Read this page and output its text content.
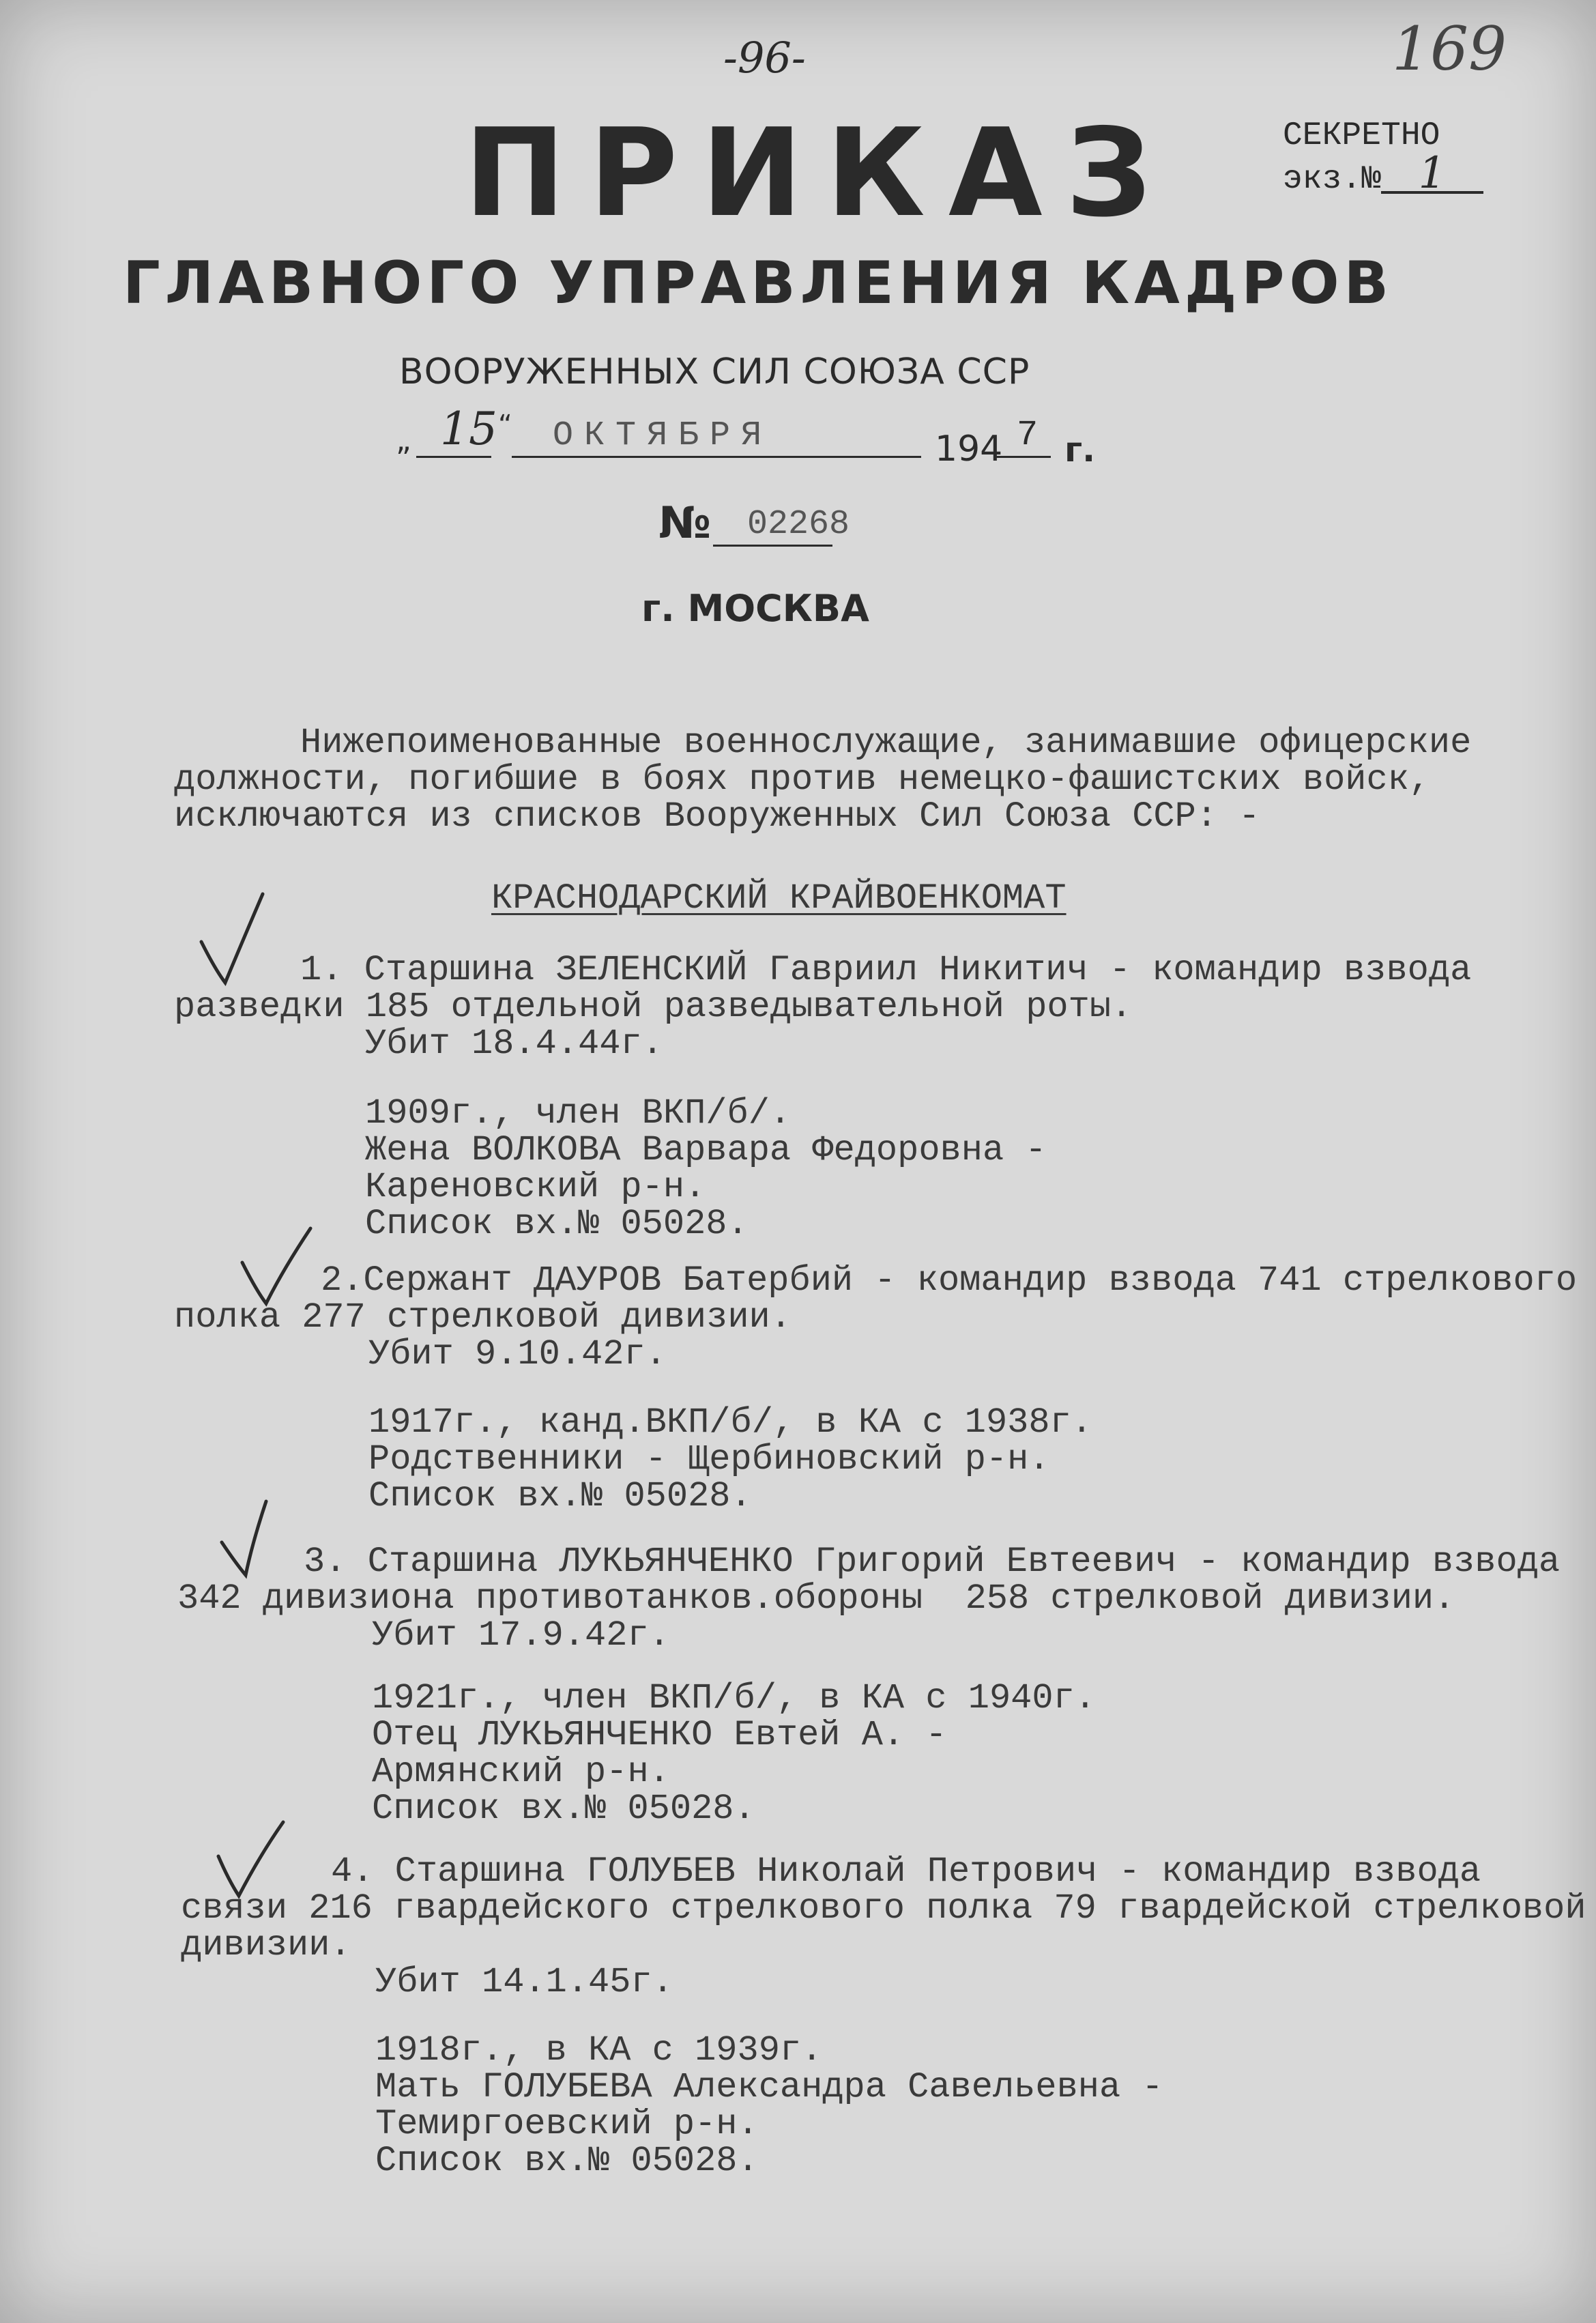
169
-96-
ПРИКАЗ	СЕКРЕТНО
экз.№ 1
ГЛАВНОГО УПРАВЛЕНИЯ КАДРОВ
ВООРУЖЕННЫХ СИЛ СОЮЗА ССР
„	“ ОКТЯБРЯ	194 7 г.
15
№ 02268
г. МОСКВА
Нижепоименованные военнослужащие, занимавшие офицерские
должности, погибшие в боях против немецко-фашистских войск,
исключаются из списков Вооруженных Сил Союза ССР: -
КРАСНОДАРСКИЙ КРАЙВОЕНКОМАТ
1. Старшина ЗЕЛЕНСКИЙ Гавриил Никитич - командир взвода
разведки 185 отдельной разведывательной роты.
Убит 18.4.44г.
1909г., член ВКП/б/.
Жена ВОЛКОВА Варвара Федоровна -
Кареновский р-н.
Список вх.№ 05028.
2.Сержант ДАУРОВ Батербий - командир взвода 741 стрелкового
полка 277 стрелковой дивизии.
Убит 9.10.42г.
1917г., канд.ВКП/б/, в КА с 1938г.
Родственники - Щербиновский р-н.
Список вх.№ 05028.
3. Старшина ЛУКЬЯНЧЕНКО Григорий Евтеевич - командир взвода
342 дивизиона противотанков.обороны  258 стрелковой дивизии.
Убит 17.9.42г.
1921г., член ВКП/б/, в КА с 1940г.
Отец ЛУКЬЯНЧЕНКО Евтей А. -
Армянский р-н.
Список вх.№ 05028.
4. Старшина ГОЛУБЕВ Николай Петрович - командир взвода
связи 216 гвардейского стрелкового полка 79 гвардейской стрелковой
дивизии.
Убит 14.1.45г.
1918г., в КА с 1939г.
Мать ГОЛУБЕВА Александра Савельевна -
Темиргоевский р-н.
Список вх.№ 05028.
